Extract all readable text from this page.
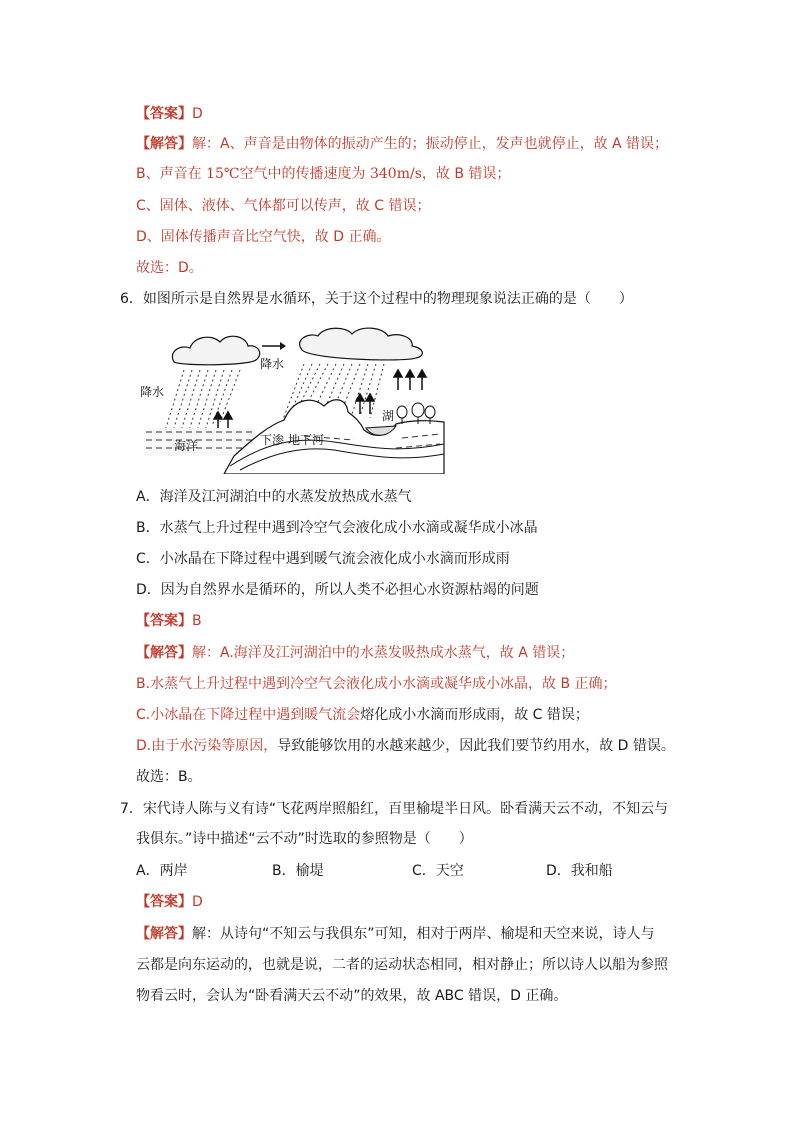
【答案】D
【解答】解：A、声音是由物体的振动产生的；振动停止，发声也就停止，故 A 错误；
B、声音在 15℃空气中的传播速度为 340m/s，故 B 错误；
C、固体、液体、气体都可以传声，故 C 错误；
D、固体传播声音比空气快，故 D 正确。
故选：D。
6．如图所示是自然界是水循环，关于这个过程中的物理现象说法正确的是（　　）
降水
降水
湖
海洋	下渗 地下河
A．海洋及江河湖泊中的水蒸发放热成水蒸气
B．水蒸气上升过程中遇到冷空气会液化成小水滴或凝华成小冰晶
C．小冰晶在下降过程中遇到暖气流会液化成小水滴而形成雨
D．因为自然界水是循环的，所以人类不必担心水资源枯竭的问题
【答案】B
【解答】解：A.海洋及江河湖泊中的水蒸发吸热成水蒸气，故 A 错误；
B.水蒸气上升过程中遇到冷空气会液化成小水滴或凝华成小冰晶，故 B 正确；
C.小冰晶在下降过程中遇到暖气流会熔化成小水滴而形成雨，故 C 错误；
D.由于水污染等原因，导致能够饮用的水越来越少，因此我们要节约用水，故 D 错误。
故选：B。
7．宋代诗人陈与义有诗“飞花两岸照船红，百里榆堤半日风。卧看满天云不动，不知云与
我俱东。”诗中描述“云不动”时选取的参照物是（　　）
A．两岸	B．榆堤	C．天空	D．我和船
【答案】D
【解答】解：从诗句“不知云与我俱东”可知，相对于两岸、榆堤和天空来说，诗人与
云都是向东运动的，也就是说，二者的运动状态相同，相对静止；所以诗人以船为参照
物看云时，会认为“卧看满天云不动”的效果，故 ABC 错误，D 正确。
